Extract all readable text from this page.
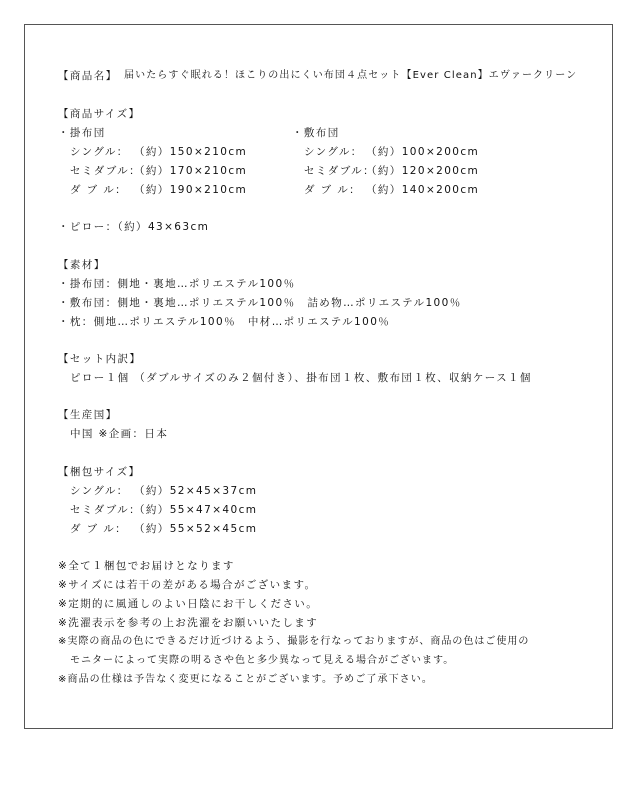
【商品名】 届いたらすぐ眠れる！ほこりの出にくい布団４点セット【Ever Clean】エヴァークリーン
【商品サイズ】
・掛布団
シングル： （約）150×210cm
セミダブル：
（約）170×210cm
ダ ブ ル： （約）190×210cm
・敷布団
シングル： （約）100×200cm
セミダブル：
（約）120×200cm
ダ ブ ル： （約）140×200cm
・ピロー：（約）43×63cm
【素材】
・掛布団：側地・裏地…ポリエステル100％
・敷布団：側地・裏地…ポリエステル100％　詰め物…ポリエステル100％
・枕：側地…ポリエステル100％　中材…ポリエステル100％
【セット内訳】
ピロー１個 （ダブルサイズのみ２個付き）、掛布団１枚、敷布団１枚、収納ケース１個
【生産国】
中国 ※企画：日本
【梱包サイズ】
シングル： （約）52×45×37cm
セミダブル：
（約）55×47×40cm
ダ ブ ル： （約）55×52×45cm
※全て１梱包でお届けとなります
※サイズには若干の差がある場合がございます。
※定期的に風通しのよい日陰にお干しください。
※洗濯表示を参考の上お洗濯をお願いいたします
※実際の商品の色にできるだけ近づけるよう、撮影を行なっておりますが、商品の色はご使用の
モニターによって実際の明るさや色と多少異なって見える場合がございます。
※商品の仕様は予告なく変更になることがございます。予めご了承下さい。
